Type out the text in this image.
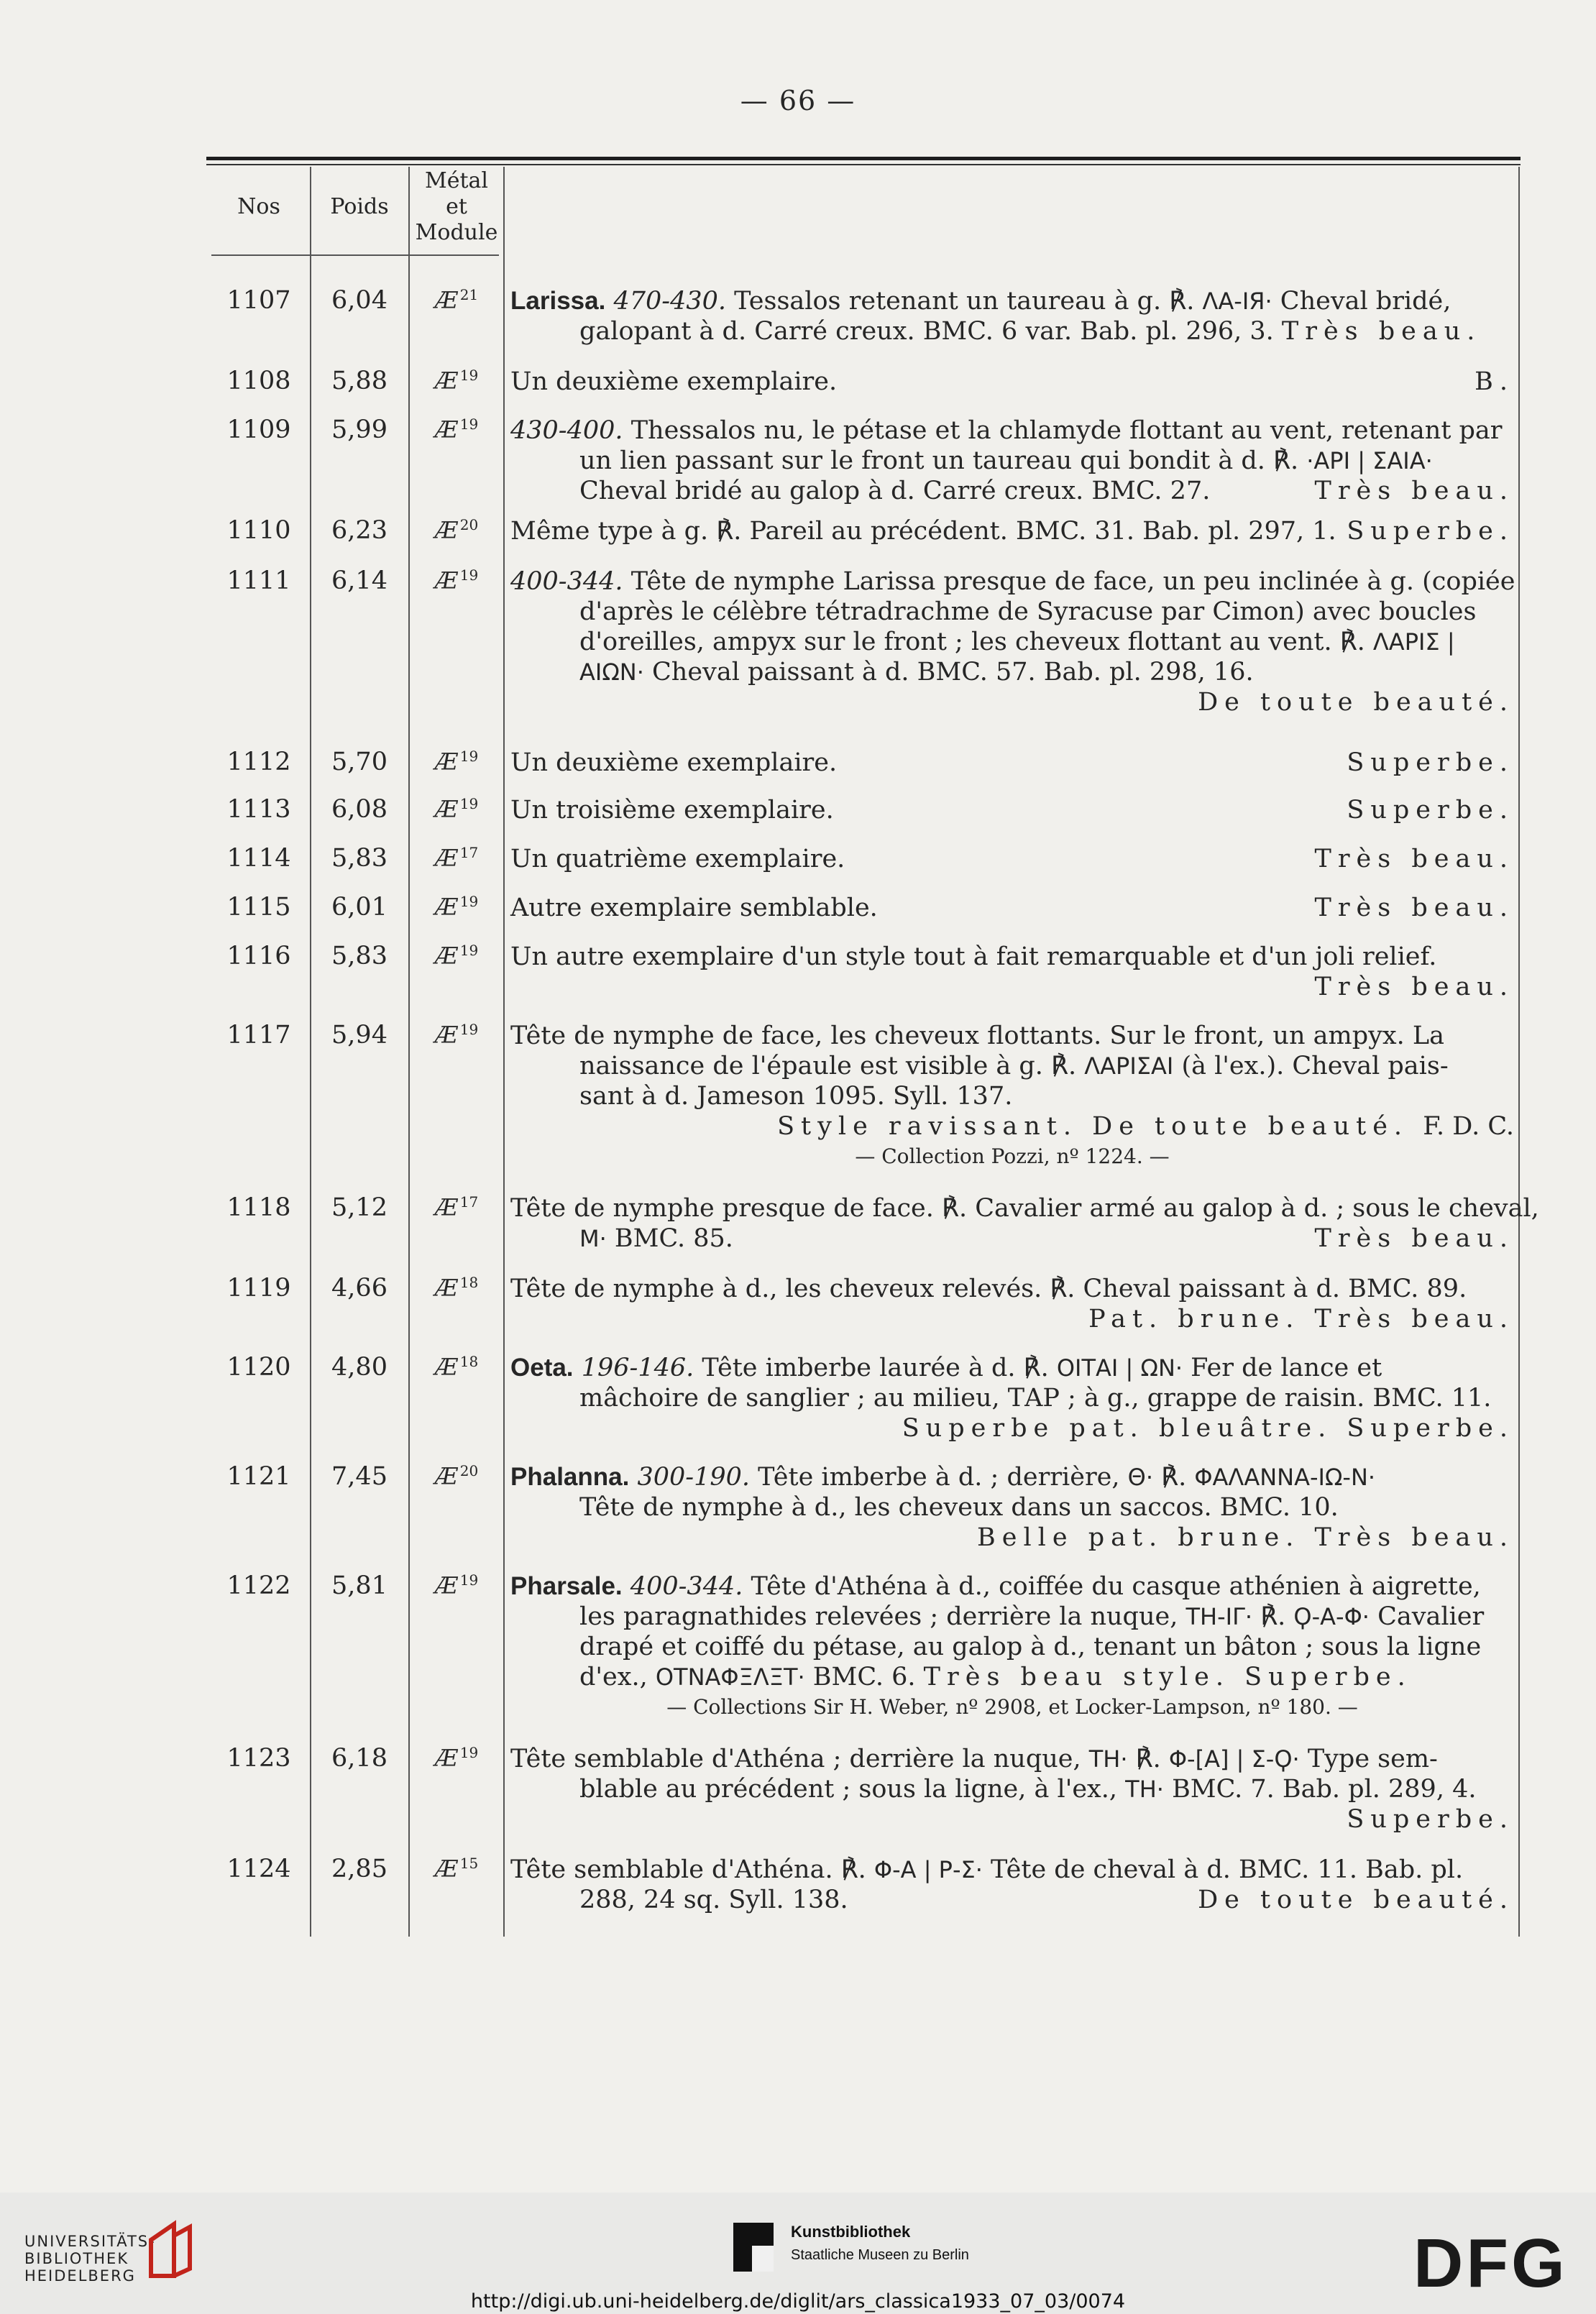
— 66 —
Nos	Poids
Métal
et
Module
1107	6,04	Æ $^{21}$	Larissa. 470-430. Tessalos retenant un taureau à g. ℟. ΛΑ-ΙЯ· Cheval bridé,
galopant à d. Carré creux. BMC. 6 var. Bab. pl. 296, 3. Très beau.
1108	5,88	Æ $^{19}$	Un deuxième exemplaire.	B.
1109	5,99	Æ $^{19}$	430-400. Thessalos nu, le pétase et la chlamyde flottant au vent, retenant par
un lien passant sur le front un taureau qui bondit à d. ℟. ·ΑΡΙ | ΣΑΙΑ·
Cheval bridé au galop à d. Carré creux. BMC. 27.	Très beau.
1110	6,23	Æ $^{20}$	Même type à g. ℟. Pareil au précédent. BMC. 31. Bab. pl. 297, 1. Superbe.
1111	6,14	Æ $^{19}$	400-344. Tête de nymphe Larissa presque de face, un peu inclinée à g. (copiée
d'après le célèbre tétradrachme de Syracuse par Cimon) avec boucles
d'oreilles, ampyx sur le front ; les cheveux flottant au vent. ℟. ΛΑΡΙΣ |
ΑΙΩΝ· Cheval paissant à d. BMC. 57. Bab. pl. 298, 16.
De toute beauté.
1112	5,70	Æ $^{19}$	Un deuxième exemplaire.	Superbe.
1113	6,08	Æ $^{19}$	Un troisième exemplaire.	Superbe.
1114	5,83	Æ $^{17}$	Un quatrième exemplaire.	Très beau.
1115	6,01	Æ $^{19}$	Autre exemplaire semblable.	Très beau.
1116	5,83	Æ $^{19}$	Un autre exemplaire d'un style tout à fait remarquable et d'un joli relief.
Très beau.
1117	5,94	Æ $^{19}$	Tête de nymphe de face, les cheveux flottants. Sur le front, un ampyx. La
naissance de l'épaule est visible à g. ℟. ΛΑΡΙΣΑΙ (à l'ex.). Cheval pais-
sant à d. Jameson 1095. Syll. 137.
Style ravissant. De toute beauté. F. D. C.
— Collection Pozzi, nº 1224. —
1118	5,12	Æ $^{17}$	Tête de nymphe presque de face. ℟. Cavalier armé au galop à d. ; sous le cheval,
Μ· BMC. 85.	Très beau.
1119	4,66	Æ $^{18}$	Tête de nymphe à d., les cheveux relevés. ℟. Cheval paissant à d. BMC. 89.
Pat. brune. Très beau.
1120	4,80	Æ $^{18}$	Oeta. 196-146. Tête imberbe laurée à d. ℟. ΟΙΤΑΙ | ΩΝ· Fer de lance et
mâchoire de sanglier ; au milieu, ΤΑΡ ; à g., grappe de raisin. BMC. 11.
Superbe pat. bleuâtre. Superbe.
1121	7,45	Æ $^{20}$	Phalanna. 300-190. Tête imberbe à d. ; derrière, Θ· ℟. ΦΑΛΑΝΝΑ-ΙΩ-Ν·
Tête de nymphe à d., les cheveux dans un saccos. BMC. 10.
Belle pat. brune. Très beau.
1122	5,81	Æ $^{19}$	Pharsale. 400-344. Tête d'Athéna à d., coiffée du casque athénien à aigrette,
les paragnathides relevées ; derrière la nuque, ΤΗ-ΙΓ· ℟. Ϙ-Α-Φ· Cavalier
drapé et coiffé du pétase, au galop à d., tenant un bâton ; sous la ligne
d'ex., ΟΤΝΑΦΞΛΞΤ· BMC. 6. Très beau style. Superbe.
— Collections Sir H. Weber, nº 2908, et Locker-Lampson, nº 180. —
1123	6,18	Æ $^{19}$	Tête semblable d'Athéna ; derrière la nuque, ΤΗ· ℟. Φ-[Α] | Σ-Ϙ· Type sem-
blable au précédent ; sous la ligne, à l'ex., ΤΗ· BMC. 7. Bab. pl. 289, 4.
Superbe.
1124	2,85	Æ $^{15}$	Tête semblable d'Athéna. ℟. Φ-Α | Ρ-Σ· Tête de cheval à d. BMC. 11. Bab. pl.
288, 24 sq. Syll. 138.	De toute beauté.
UNIVERSITÄTS-
BIBLIOTHEK
HEIDELBERG
Kunstbibliothek
Staatliche Museen zu Berlin	DFG
http://digi.ub.uni-heidelberg.de/diglit/ars_classica1933_07_03/0074
